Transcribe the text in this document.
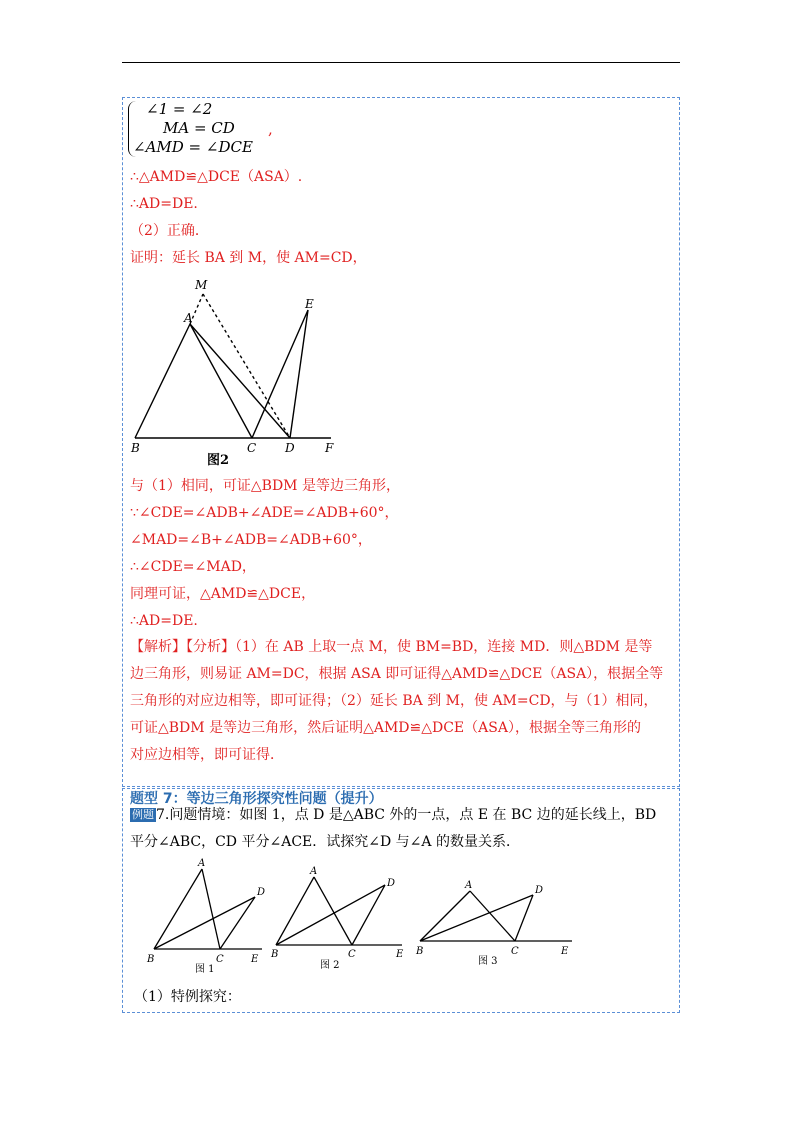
∠1 = ∠2
MA = CD
∠AMD = ∠DCE
,
∴△AMD≌△DCE（ASA）.
∴AD=DE.
（2）正确．
证明：延长 BA 到 M，使 AM=CD，
M
A
E
B	C D	F
图2
与（1）相同，可证△BDM 是等边三角形，
∵∠CDE=∠ADB+∠ADE=∠ADB+60°，
∠MAD=∠B+∠ADB=∠ADB+60°，
∴∠CDE=∠MAD，
同理可证，△AMD≌△DCE，
∴AD=DE.

【解析】【分析】（1）在 AB 上取一点 M，使 BM=BD，连接 MD．则△BDM 是等

边三角形，则易证 AM=DC，根据 ASA 即可证得△AMD≌△DCE（ASA），根据全等

三角形的对应边相等，即可证得；（2）延长 BA 到 M，使 AM=CD，与（1）相同，

可证△BDM 是等边三角形，然后证明△AMD≌△DCE（ASA），根据全等三角形的

对应边相等，即可证得．

题型 7：等边三角形探究性问题（提升）
例题 7.问题情境：如图 1，点 D 是△ABC 外的一点，点 E 在 BC 边的延长线上，BD
平分∠ABC，CD 平分∠ACE．试探究∠D 与∠A 的数量关系．
A
D
B	C	E
A
D
B	C	E
A	D
B	C	E
图 1	图 2	图 3
（1）特例探究：
